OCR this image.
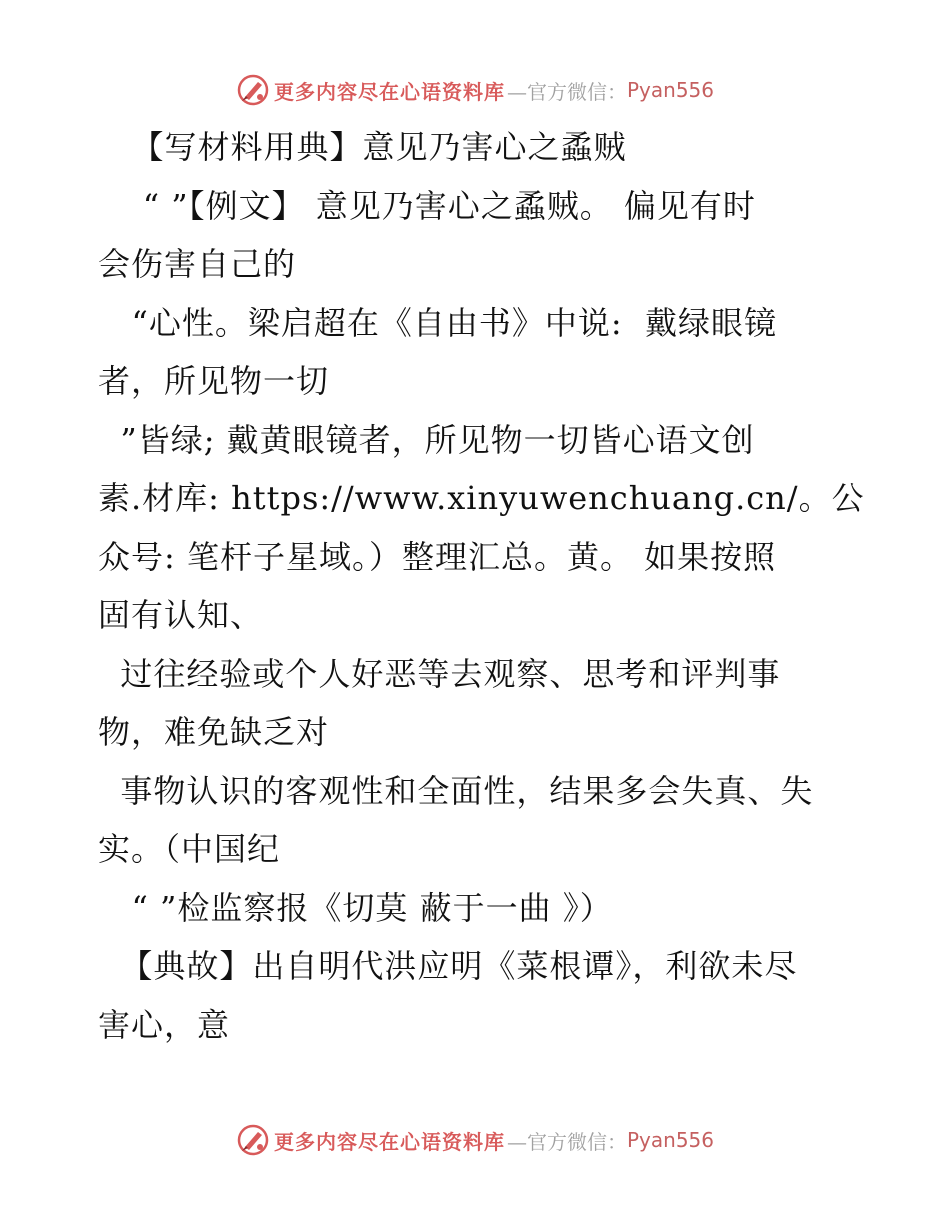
更多内容尽在心语资料库 —官方微信： Pyan556
【写材料用典】意见乃害心之蟊贼
“ ”【例文】 意见乃害心之蟊贼。 偏见有时
会伤害自己的
“心性。梁启超在《自由书》中说:  戴绿眼镜
者，所见物一切
”皆绿; 戴黄眼镜者，所见物一切皆心语文创
素.材库: https://www.xinyuwenchuang.cn/。公
众号: 笔杆子星域。）整理汇总。黄。 如果按照
固有认知、
过往经验或个人好恶等去观察、思考和评判事
物，难免缺乏对
事物认识的客观性和全面性，结果多会失真、失
实。（中国纪
“ ”检监察报《切莫 蔽于一曲 》）
【典故】出自明代洪应明《菜根谭》，利欲未尽
害心，意
更多内容尽在心语资料库 —官方微信： Pyan556
